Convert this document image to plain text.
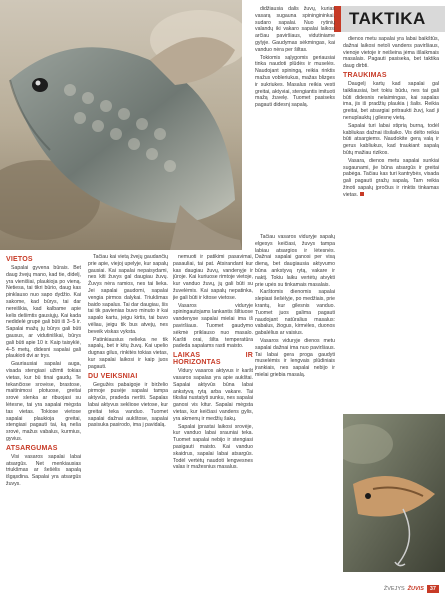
TAKTIKA

didžiausia dalis žuvų, kurias vasarą sugauna spiningininkai, sudaro sapalai. Nuo rytinių valandų iki vakaro sapalai laikosi arčiau paviršiaus, vidutiniame gylyje. Gaudymas sėkmingas, kai vanduo nėra per šiltas.

Tokiomis sąlygomis geriausiai tinka naudoti plūdės ir muselės. Naudojant spiningą, reikia rinktis mažus vobleriukus, mažas blizges ir sukriukes. Masalus reikia vesti greitai, aktyviai, stengiantis imituoti mažą žuvelę. Tuomet pasiseks pagauti didesnį sapalą.

VIETOS

Sapalai gyvena būrais. Bet daug žvejų mano, kad tie, didelį, yra vienišiai, plaukioja po vieną. Netiesa, tai tikri būrio, daug kas pinklauso nuo sapo dydžio. Kai sakome, kad būrys, tai dar nereiškia, kad kalbame apie kelis dešimtis gausiųjų. Kai kada nedidelė grupė gali būti iš 3–5 ir. Sapalai mažų jų būrys gali būti gausus, ar vidutiniškai, būrys gali būti apie 10 ir. Kaip taisyklė, 4–5 metų, didesni sapalai gali plaukioti dvi ar trys.

Gauriausiai sapalai auga, visada stengiasi užimti tokias vietas, kur bū tinai gaudų. Te tekančiose srovėse, brastose, maitinimosi plotuose, greitai srovė slenka ar ribuojasi su lėtesne, tai yra sapalai mėgsta tas vietas. Tokiose vietose sapalai plaukioja greitai, stengiasi pagauti tai, ką neša srovė, mažus vabalus, kurmius, gyvius.

ATSARGUMAS

Visi vasaros sapalai labai atsargūs. Net menkiausias triukšmas ar šešėlis sapalą išgąsdina. Sapalai yra atsargūs žuvys.

Tačiau kai vietą žvejų gaudančių prie apie, viejoj upelyje, kur sapalų gausiai. Kai sapalai nepaisydami, nes kiti žuvys gal daugiau žuvų. Žuvys nėra ramios, nes tai lieka. Jei sapalai gaudomi, sapalai vengia pirmos dalykai. Triukšmas baido sapalus. Tai dar daugiau, šis tai tik pavienias buvo minuto ir kai sapalo kartu, jeigu kirtis, tai buvo vėliau, jeigu tik bus atvejų, nes beveik viskas vyksta.

Patinkiausius nelieka ne tik sapalų, bet ir kitų žuvų. Kai upelio dugnas gilus, rinkitės tokias vietas, kur sapalai laikosi ir kaip juos pagauti.

DU VEIKSNIAI

Gegužės pabaigoje ir birželio pirmoje pusėje sapalai tampa aktyvūs, pradeda neršti. Sapalas labai aktyvus sekliose vietose, kur greitai teka vanduo. Tuomet sapalai dažnai aukštose, sapalai pasisuka pasirodo, ima į pavidalą.

nemuoti ir patikimi pasavimai, pasauliai, tai pat. Atsirandant kur kas daugiau žuvų, vandenyje ir jūroje. Kai kuriuose rimtoje vietoje, kur vanduo žuvų, jų gali būti su žuvelėmis. Kai sapalų nepatinka, jie gali būti ir kitose vietose.

Vasaros viduryje spiningautojams lankantis šiltiuose vandenyse sapalai mielai ima iš paviršiaus. Tuomet gaudymo sėkmė priklauso nuo masalo. Karšti orai, šilta temperatūra padeda sapalams rasti maisto.

LAIKAS IR HORIZONTAS

Vidury vasaros aktyvus ir karšt vasaros sapalas yra apie aukštai. Sapalai aktyvūs būna labai ankstyvą rytą arba vakare. Tai tiksliai nustatyti sunku, nes sapalai ganosi vis kitur. Sapalai mėgsta vietas, kur keičiasi vandens gylis, yra akmenų ir medžių šakų.

Sapalai įprastai laikosi srovėje, kur vanduo labai srauniai teka. Tuomet sapalai nebijo ir stengiasi pasigauti maisto. Kai vanduo skaidrus, sapalai labai atsargūs. Todėl vertėtų naudoti lengvesnes valas ir mažesnius masalus.

Tačiau vasaros viduryje sapalų elgesys keičiasi, žuvys tampa labiau atsargios ir lėtesnės. Dažnai sapalai ganosi per visą dieną, bet daugiausia aktyvumo būna ankstyvą rytą, vakare ir naktį. Tokiu laiku vertėtų atvykti prie upės su tinkamais masalais.

Karštomis dienomis sapalai slepiasi šešėlyje, po medžiais, prie krantų, kur gilesnis vanduo. Tuomet juos galima pagauti naudojant natūralius masalus: vabalus, žiogus, kirmėles, duonos gabalėlius ar vaisius.

Vasaros viduryje dienos metu sapalai dažnai ima nuo paviršiaus. Tai labai gera proga gaudyti muselėmis ir lengvais plūdiniais įrankiais, nes sapalai nebijo ir mielai griebia masalą.

dienos metu sapalai yra labai baikštūs, dažnai laikosi netoli vandens paviršiaus, vienoje vietoje ir neišeina jėma išlaikmais masalais. Pagauti pasiseka, bet taktika daug dirbti.

TRAUKIMAS

Daugelį kartų kad sapalai gal taikliausiai, bet tokiu būdu, nes tai gali būti didesnis nelaimingas, kai sapalas ima, jis iš pradžių plaukia į šalis. Reikia greitai, bet atsargiai pritraukti žuvį, kad ji nenuplauktų į gilesnę vietą.

Sapalai turi labai stiprią burną, todėl kabliukas dažnai išsilaiko. Vis dėlto reikia būti atsargiems. Naudokite gerą valą ir gerus kabliukus, kad traukiant sapalą būtų mažiau rizikos.

Vasara, dienos metu sapalai sunkiai sugaunami, jie būna atsargūs ir greitai pabėga. Tačiau kas turi kantrybės, visada gali pagauti gražų sapalą. Tam reikia žinoti sapalų įpročius ir rinktis tinkamas vietas.

ŽVEJYS ŽUVIS	37
